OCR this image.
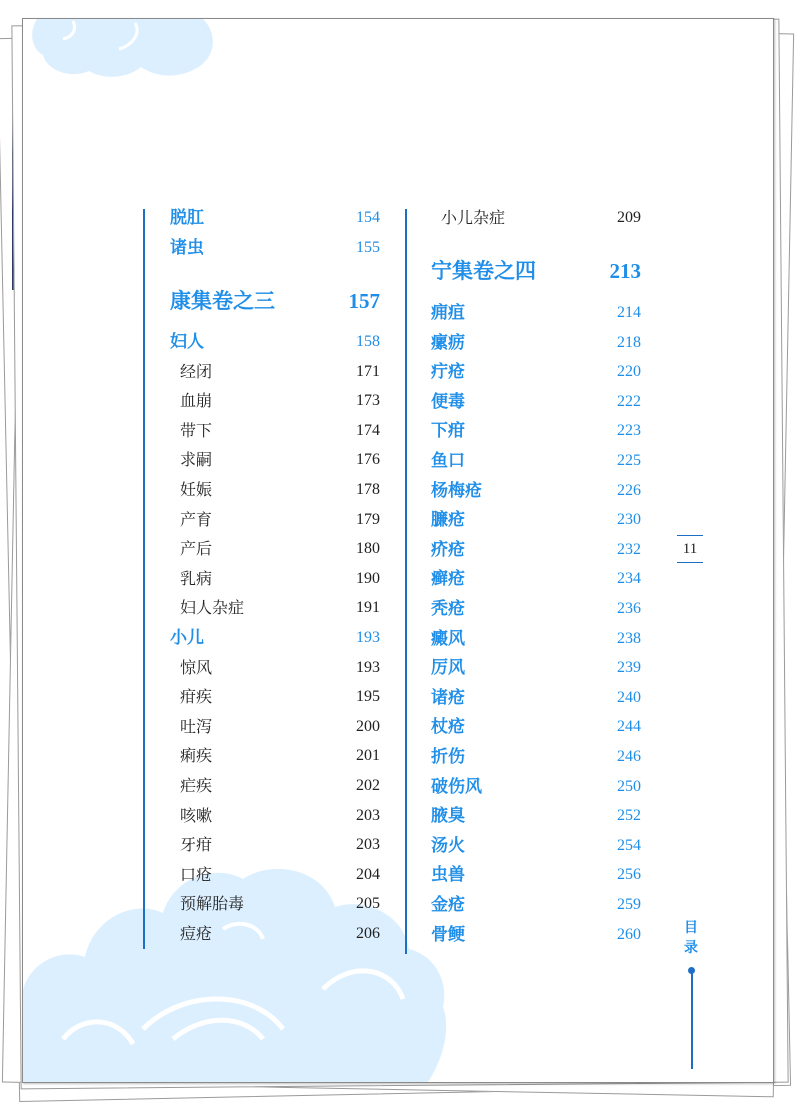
脱肛	154
诸虫	155
康集卷之三	157
妇人	158
经闭	171
血崩	173
带下	174
求嗣	176
妊娠	178
产育	179
产后	180
乳病	190
妇人杂症	191
小儿	193
惊风	193
疳疾	195
吐泻	200
痢疾	201
疟疾	202
咳嗽	203
牙疳	203
口疮	204
预解胎毒	205
痘疮	206
小儿杂症	209
宁集卷之四	213
痈疽	214
瘰疬	218
疔疮	220
便毒	222
下疳	223
鱼口	225
杨梅疮	226
臁疮	230
疥疮	232
癣疮	234
秃疮	236
癜风	238
厉风	239
诸疮	240
杖疮	244
折伤	246
破伤风	250
腋臭	252
汤火	254
虫兽	256
金疮	259
骨鲠	260
11
目录
